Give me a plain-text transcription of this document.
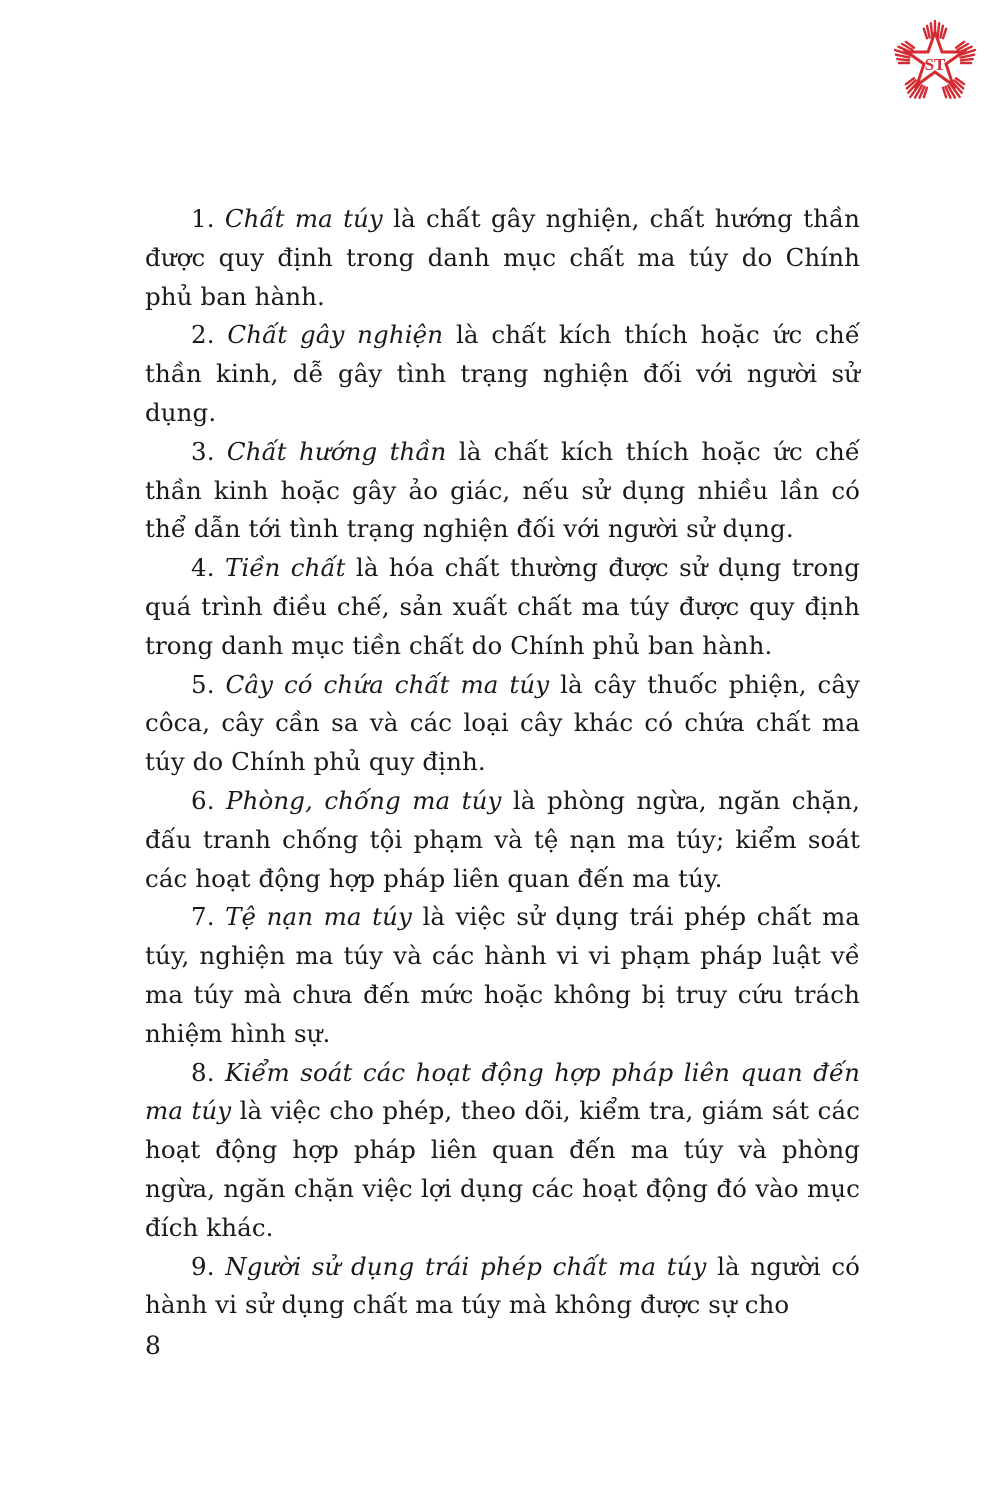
ST

1. Chất ma túy là chất gây nghiện, chất hướng thần được quy định trong danh mục chất ma túy do Chính phủ ban hành.

2. Chất gây nghiện là chất kích thích hoặc ức chế thần kinh, dễ gây tình trạng nghiện đối với người sử dụng.

3. Chất hướng thần là chất kích thích hoặc ức chế thần kinh hoặc gây ảo giác, nếu sử dụng nhiều lần có thể dẫn tới tình trạng nghiện đối với người sử dụng.

4. Tiền chất là hóa chất thường được sử dụng trong quá trình điều chế, sản xuất chất ma túy được quy định trong danh mục tiền chất do Chính phủ ban hành.

5. Cây có chứa chất ma túy là cây thuốc phiện, cây côca, cây cần sa và các loại cây khác có chứa chất ma túy do Chính phủ quy định.

6. Phòng, chống ma túy là phòng ngừa, ngăn chặn, đấu tranh chống tội phạm và tệ nạn ma túy; kiểm soát các hoạt động hợp pháp liên quan đến ma túy.

7. Tệ nạn ma túy là việc sử dụng trái phép chất ma túy, nghiện ma túy và các hành vi vi phạm pháp luật về ma túy mà chưa đến mức hoặc không bị truy cứu trách nhiệm hình sự.

8. Kiểm soát các hoạt động hợp pháp liên quan đến ma túy là việc cho phép, theo dõi, kiểm tra, giám sát các hoạt động hợp pháp liên quan đến ma túy và phòng ngừa, ngăn chặn việc lợi dụng các hoạt động đó vào mục đích khác.

9. Người sử dụng trái phép chất ma túy là người có hành vi sử dụng chất ma túy mà không được sự cho

8
